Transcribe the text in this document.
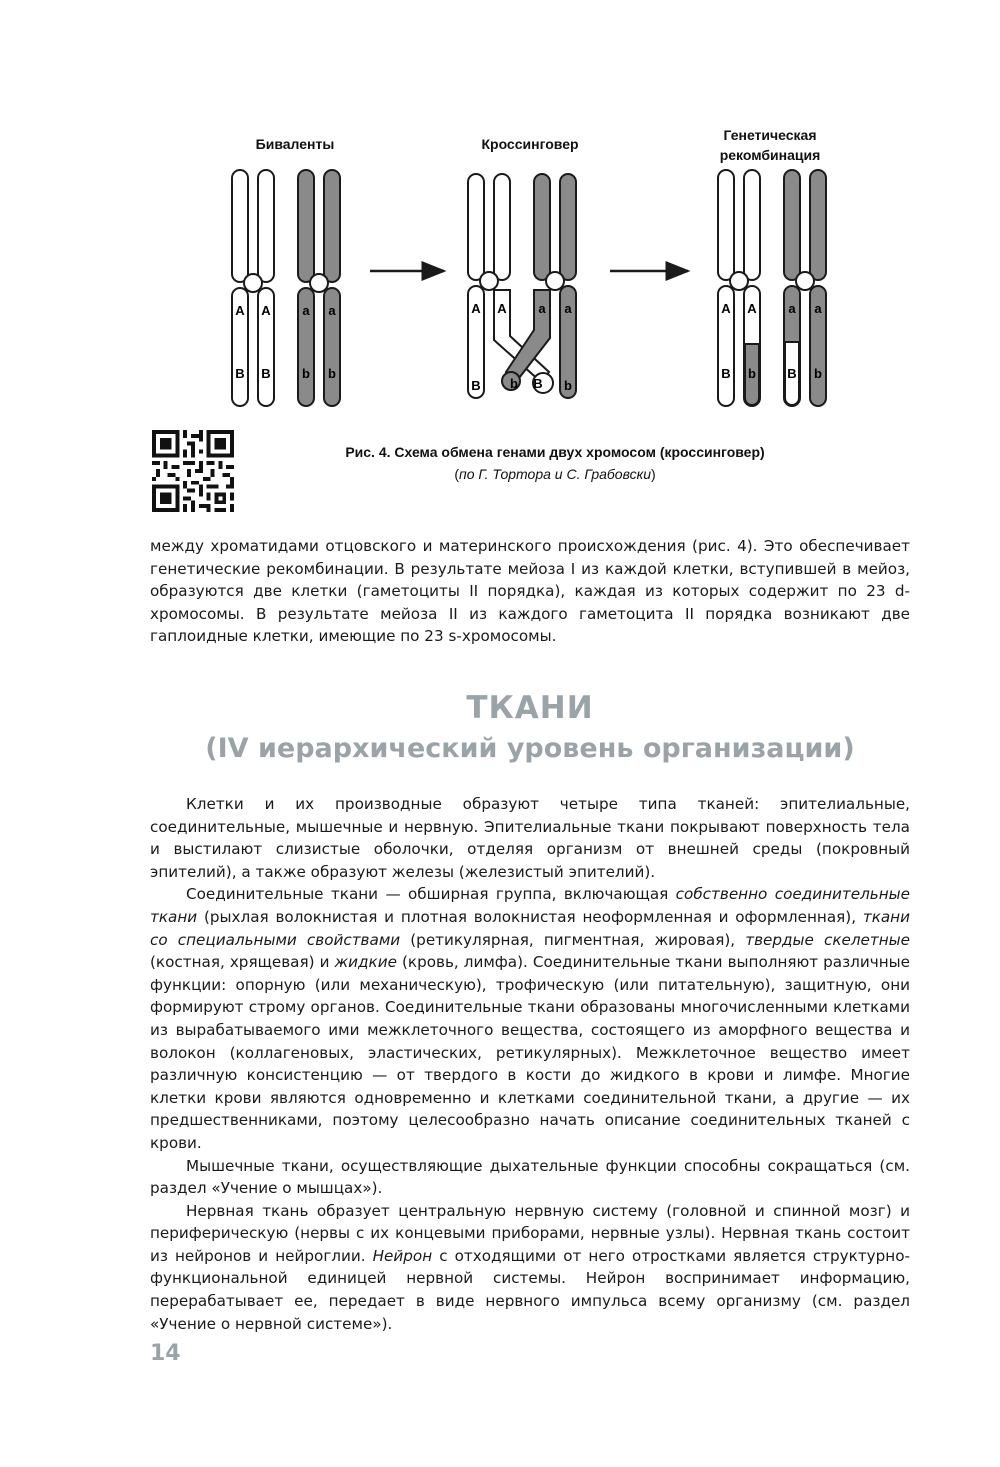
Биваленты	Кроссинговер
Генетическая
рекомбинация
A A a a
B B b b
A A a a
B b B b
A A a a
B b B b
Рис. 4. Схема обмена генами двух хромосом (кроссинговер)
(по Г. Тортора и С. Грабовски)

между хроматидами отцовского и материнского происхождения (рис. 4). Это обеспечивает генетические рекомбинации. В результате мейоза I из каждой клетки, вступившей в мейоз, образуются две клетки (гаметоциты II порядка), каждая из которых содержит по 23 d-хромосомы. В результате мейоза II из каждого гаметоцита II порядка возникают две гаплоидные клетки, имеющие по 23 s-хромосомы.

ТКАНИ
(IV иерархический уровень организации)

Клетки и их производные образуют четыре типа тканей: эпителиальные, соединительные, мышечные и нервную. Эпителиальные ткани покрывают поверхность тела и выстилают слизистые оболочки, отделяя организм от внешней среды (покровный эпителий), а также образуют железы (железистый эпителий).

Соединительные ткани — обширная группа, включающая собственно соединительные ткани (рыхлая волокнистая и плотная волокнистая неоформленная и оформленная), ткани со специальными свойствами (ретикулярная, пигментная, жировая), твердые скелетные (костная, хрящевая) и жидкие (кровь, лимфа). Соединительные ткани выполняют различные функции: опорную (или механическую), трофическую (или питательную), защитную, они формируют строму органов. Соединительные ткани образованы многочисленными клетками из вырабатываемого ими межклеточного вещества, состоящего из аморфного вещества и волокон (коллагеновых, эластических, ретикулярных). Межклеточное вещество имеет различную консистенцию — от твердого в кости до жидкого в крови и лимфе. Многие клетки крови являются одновременно и клетками соединительной ткани, а другие — их предшественниками, поэтому целесообразно начать описание соединительных тканей с крови.

Мышечные ткани, осуществляющие дыхательные функции способны сокращаться (см. раздел «Учение о мышцах»).

Нервная ткань образует центральную нервную систему (головной и спинной мозг) и периферическую (нервы с их концевыми приборами, нервные узлы). Нервная ткань состоит из нейронов и нейроглии. Нейрон с отходящими от него отростками является структурно-функциональной единицей нервной системы. Нейрон воспринимает информацию, перерабатывает ее, передает в виде нервного импульса всему организму (см. раздел «Учение о нервной системе»).

14
